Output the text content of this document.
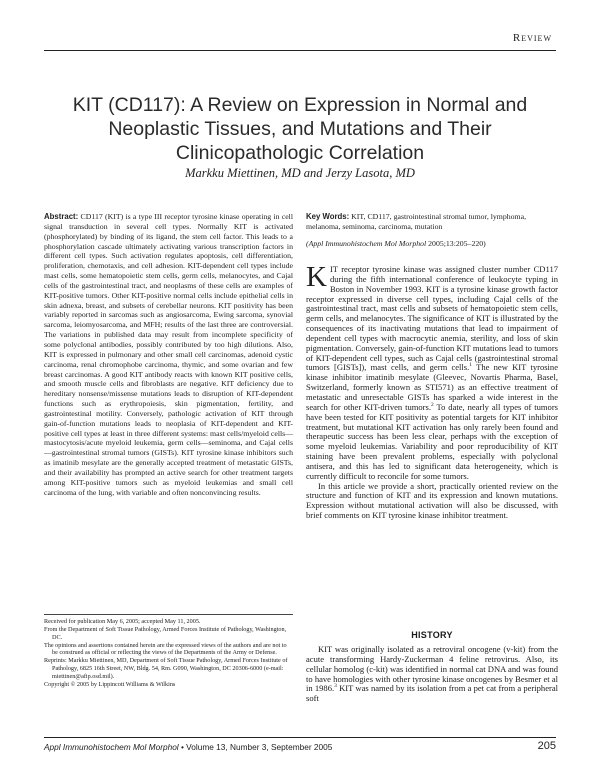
Review
KIT (CD117): A Review on Expression in Normal and
Neoplastic Tissues, and Mutations and Their
Clinicopathologic Correlation
Markku Miettinen, MD and Jerzy Lasota, MD
Abstract: CD117 (KIT) is a type III receptor tyrosine kinase operating in cell signal transduction in several cell types. Normally KIT is activated (phosphorylated) by binding of its ligand, the stem cell factor. This leads to a phosphorylation cascade ultimately activating various transcription factors in different cell types. Such activation regulates apoptosis, cell differentiation, proliferation, chemotaxis, and cell adhesion. KIT-dependent cell types include mast cells, some hematopoietic stem cells, germ cells, melanocytes, and Cajal cells of the gastrointestinal tract, and neoplasms of these cells are examples of KIT-positive tumors. Other KIT-positive normal cells include epithelial cells in skin adnexa, breast, and subsets of cerebellar neurons. KIT positivity has been variably reported in sarcomas such as angiosarcoma, Ewing sarcoma, synovial sarcoma, leiomyosarcoma, and MFH; results of the last three are controversial. The variations in published data may result from incomplete specificity of some polyclonal antibodies, possibly contributed by too high dilutions. Also, KIT is expressed in pulmonary and other small cell carcinomas, adenoid cystic carcinoma, renal chromophobe carcinoma, thymic, and some ovarian and few breast carcinomas. A good KIT antibody reacts with known KIT positive cells, and smooth muscle cells and fibroblasts are negative. KIT deficiency due to hereditary nonsense/missense mutations leads to disruption of KIT-dependent functions such as erythropoiesis, skin pigmentation, fertility, and gastrointestinal motility. Conversely, pathologic activation of KIT through gain-of-function mutations leads to neoplasia of KIT-dependent and KIT-positive cell types at least in three different systems: mast cells/myeloid cells—mastocytosis/acute myeloid leukemia, germ cells—seminoma, and Cajal cells—gastrointestinal stromal tumors (GISTs). KIT tyrosine kinase inhibitors such as imatinib mesylate are the generally accepted treatment of metastatic GISTs, and their availability has prompted an active search for other treatment targets among KIT-positive tumors such as myeloid leukemias and small cell carcinoma of the lung, with variable and often nonconvincing results.
Key Words: KIT, CD117, gastrointestinal stromal tumor, lymphoma, melanoma, seminoma, carcinoma, mutation
(Appl Immunohistochem Mol Morphol 2005;13:205–220)

KIT receptor tyrosine kinase was assigned cluster number CD117 during the fifth international conference of leukocyte typing in Boston in November 1993. KIT is a tyrosine kinase growth factor receptor expressed in diverse cell types, including Cajal cells of the gastrointestinal tract, mast cells and subsets of hematopoietic stem cells, germ cells, and melanocytes. The significance of KIT is illustrated by the consequences of its inactivating mutations that lead to impairment of dependent cell types with macrocytic anemia, sterility, and loss of skin pigmentation. Conversely, gain-of-function KIT mutations lead to tumors of KIT-dependent cell types, such as Cajal cells (gastrointestinal stromal tumors [GISTs]), mast cells, and germ cells.$^1$ The new KIT tyrosine kinase inhibitor imatinib mesylate (Gleevec, Novartis Pharma, Basel, Switzerland, formerly known as STI571) as an effective treatment of metastatic and unresectable GISTs has sparked a wide interest in the search for other KIT-driven tumors.$^2$ To date, nearly all types of tumors have been tested for KIT positivity as potential targets for KIT inhibitor treatment, but mutational KIT activation has only rarely been found and therapeutic success has been less clear, perhaps with the exception of some myeloid leukemias. Variability and poor reproducibility of KIT staining have been prevalent problems, especially with polyclonal antisera, and this has led to significant data heterogeneity, which is currently difficult to reconcile for some tumors.

In this article we provide a short, practically oriented review on the structure and function of KIT and its expression and known mutations. Expression without mutational activation will also be discussed, with brief comments on KIT tyrosine kinase inhibitor treatment.

HISTORY
KIT was originally isolated as a retroviral oncogene (v-kit) from the acute transforming Hardy-Zuckerman 4 feline retrovirus. Also, its cellular homolog (c-kit) was identified in normal cat DNA and was found to have homologies with other tyrosine kinase oncogenes by Besmer et al in 1986.$^3$ KIT was named by its isolation from a pet cat from a peripheral soft

Received for publication May 6, 2005; accepted May 11, 2005.

From the Department of Soft Tissue Pathology, Armed Forces Institute of Pathology, Washington, DC.

The opinions and assertions contained herein are the expressed views of the authors and are not to be construed as official or reflecting the views of the Departments of the Army or Defense.

Reprints: Markku Miettinen, MD, Department of Soft Tissue Pathology, Armed Forces Institute of Pathology, 6825 16th Street, NW, Bldg. 54, Rm. G090, Washington, DC 20306-6000 (e-mail: miettinen@afip.osd.mil).

Copyright © 2005 by Lippincott Williams & Wilkins

Appl Immunohistochem Mol Morphol • Volume 13, Number 3, September 2005	205
